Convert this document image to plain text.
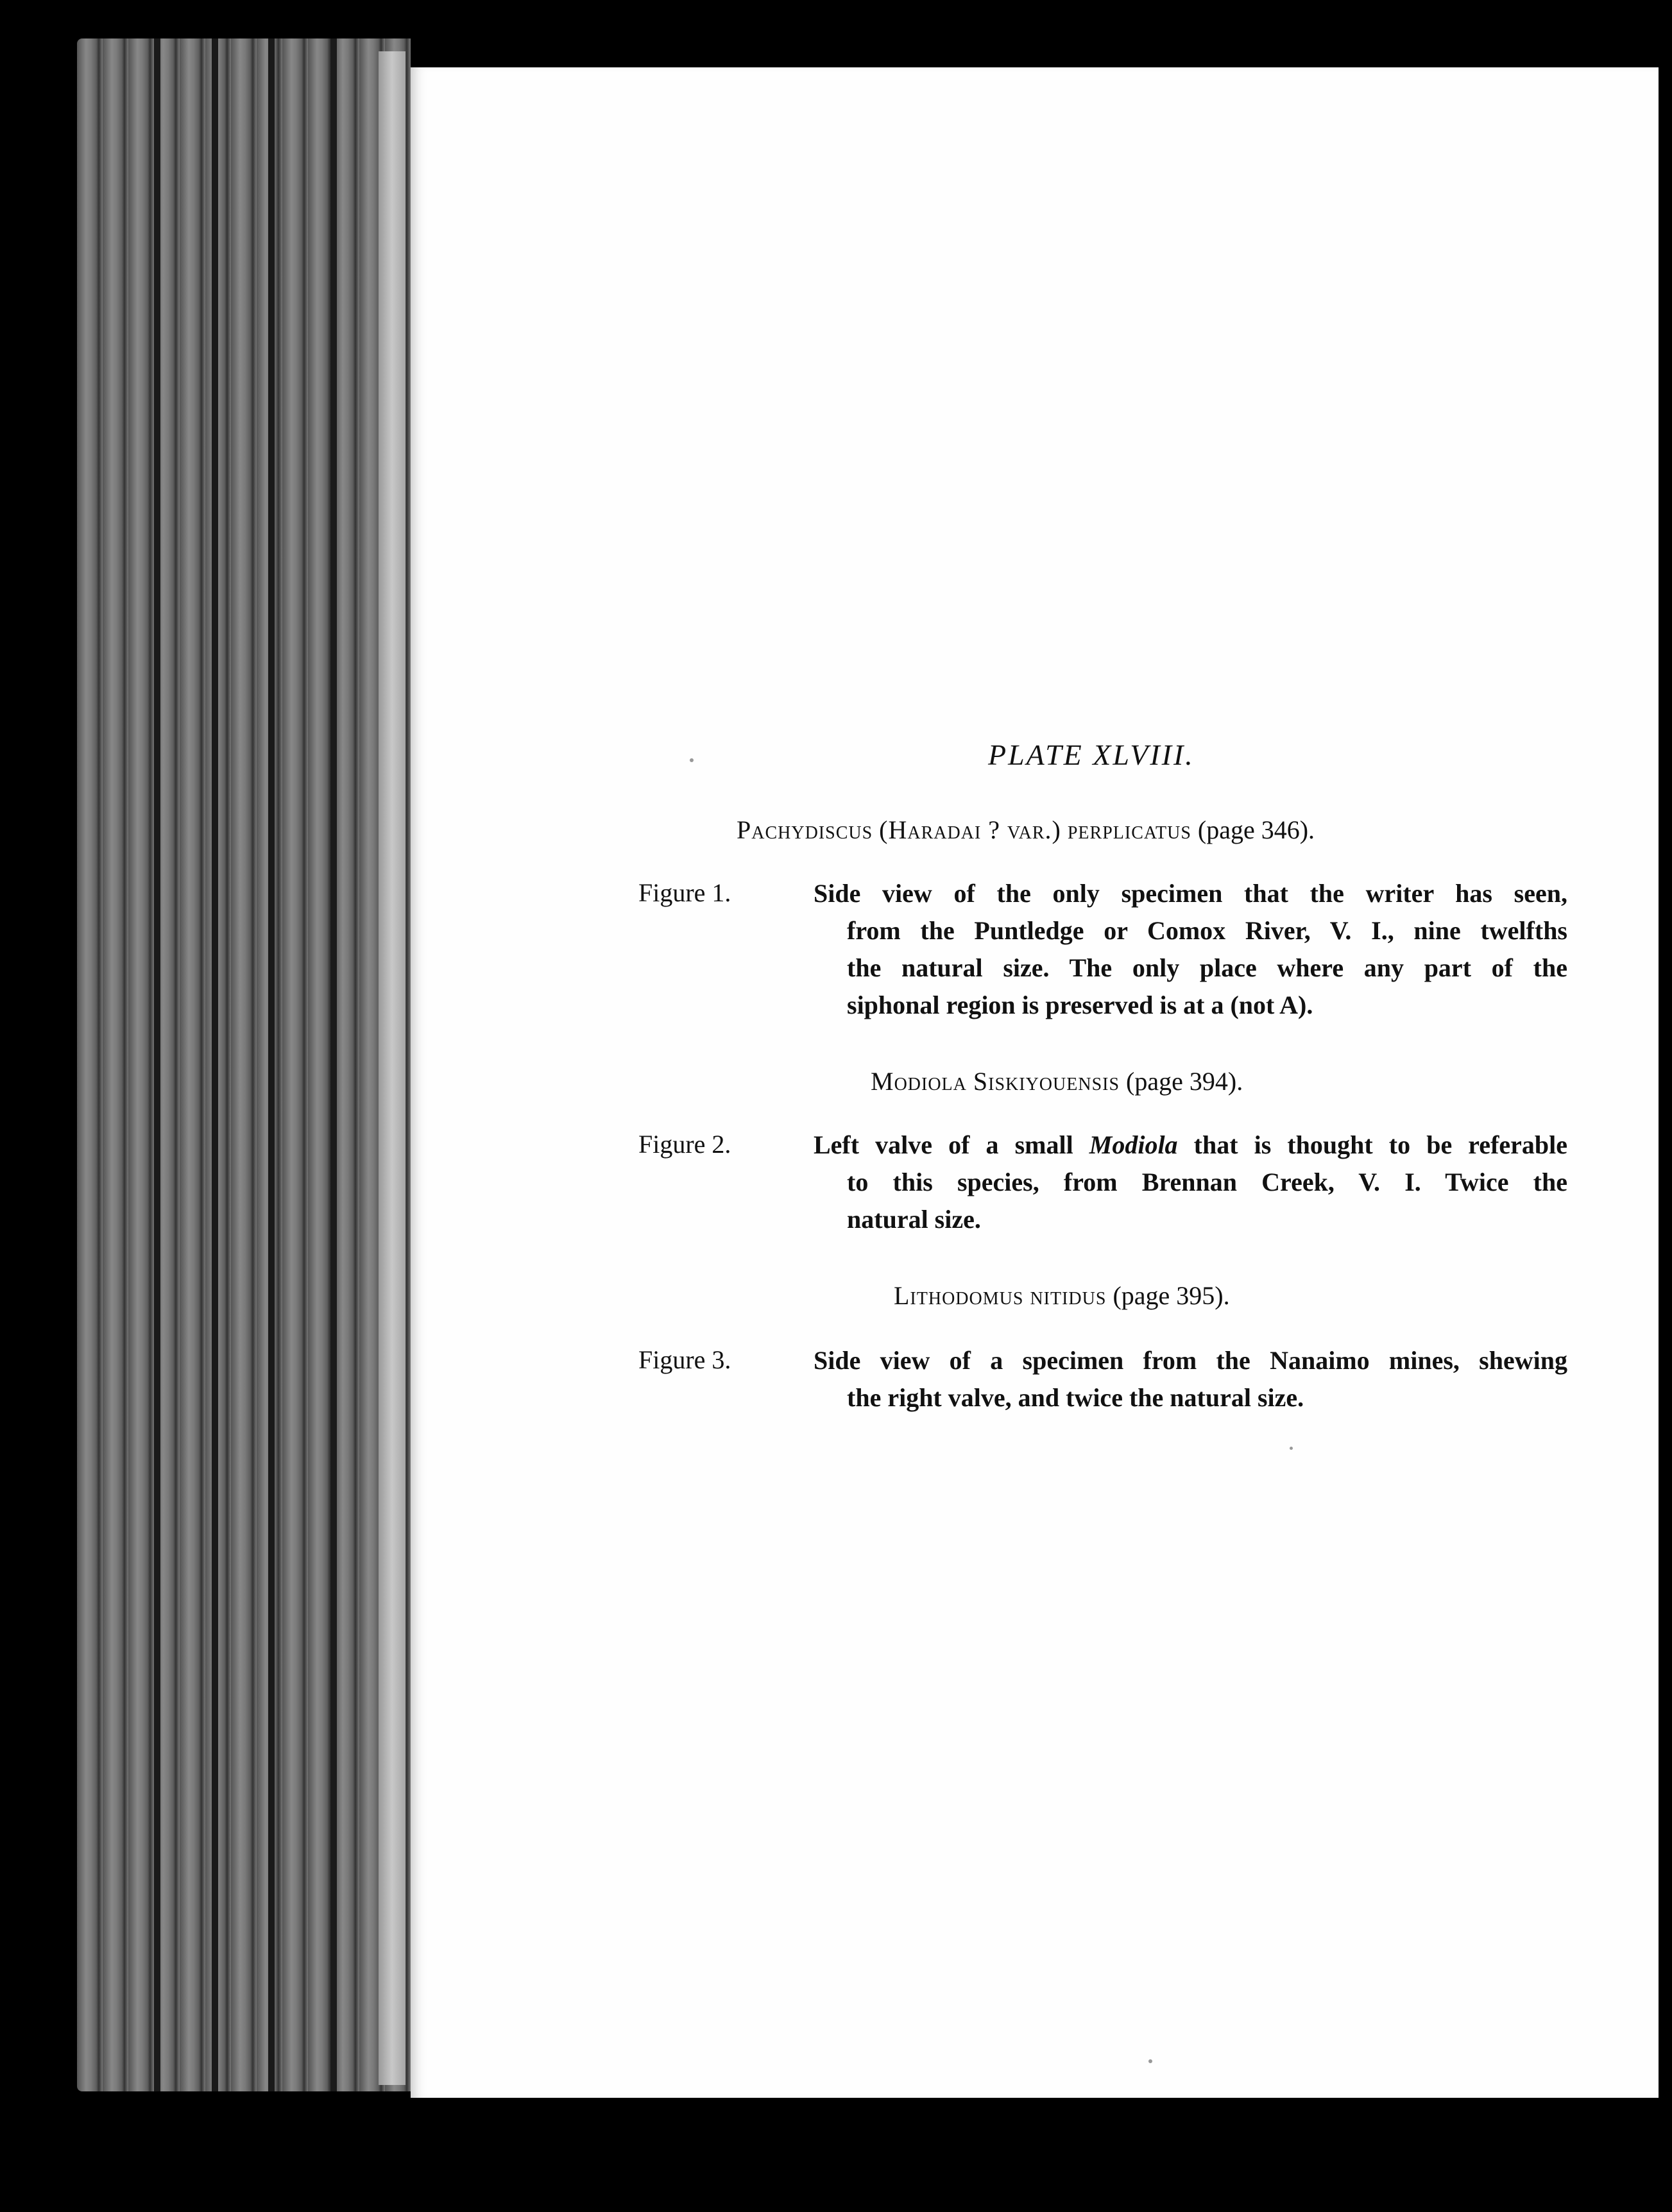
PLATE XLVIII.
Pachydiscus (Haradai ? var.) perplicatus (page 346).
Figure 1.	Side view of the only specimen that the writer has seen,
from the Puntledge or Comox River, V. I., nine twelfths
the natural size. The only place where any part of the
siphonal region is preserved is at a (not A).
Modiola Siskiyouensis (page 394).
Figure 2.	Left valve of a small Modiola that is thought to be referable
to this species, from Brennan Creek, V. I. Twice the
natural size.
Lithodomus nitidus (page 395).
Figure 3.	Side view of a specimen from the Nanaimo mines, shewing
the right valve, and twice the natural size.
